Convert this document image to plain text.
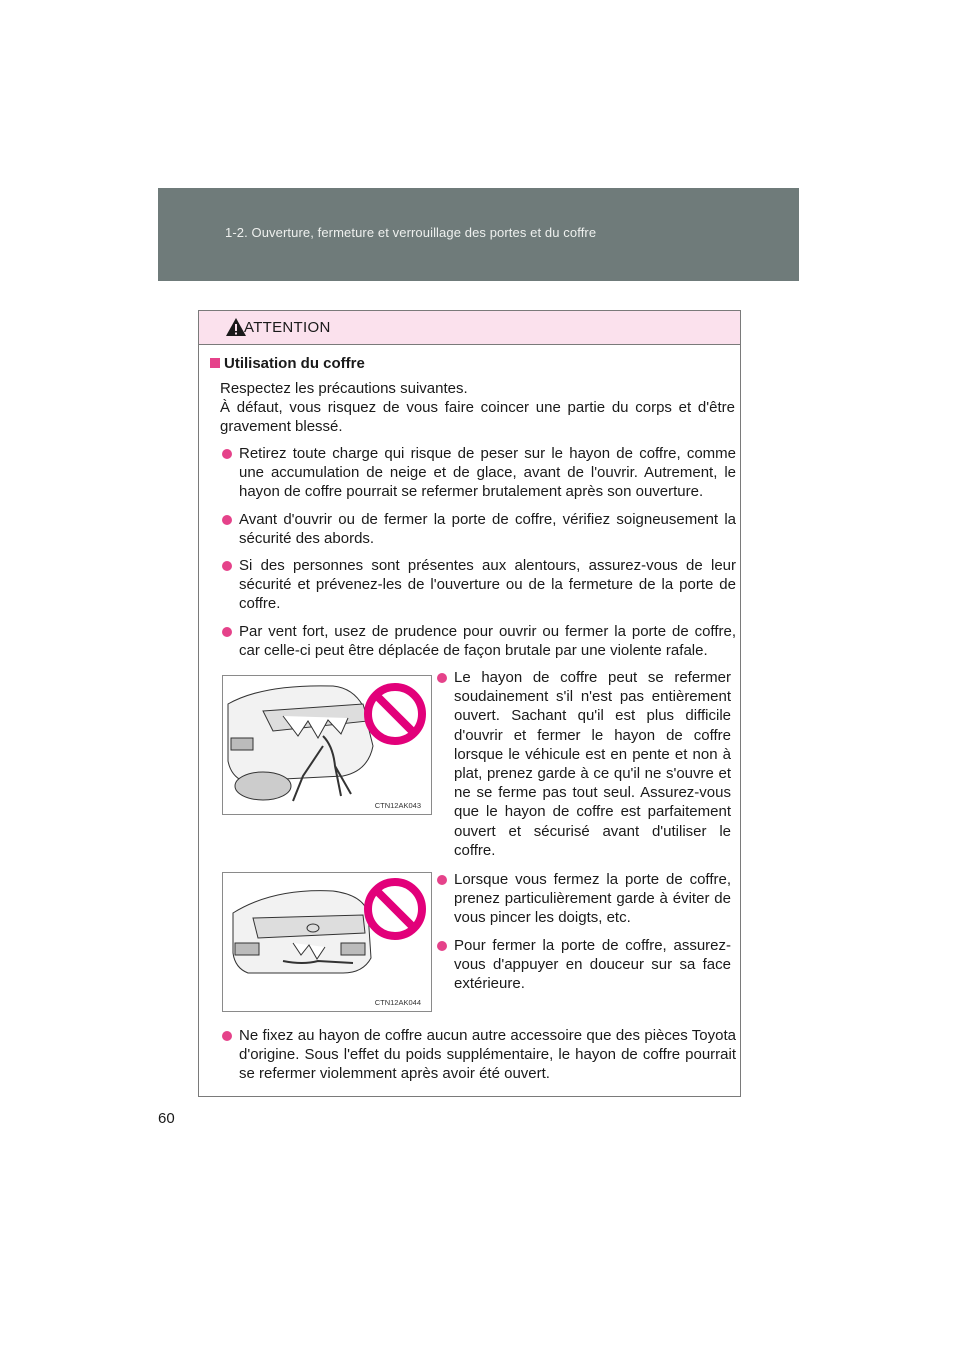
1-2. Ouverture, fermeture et verrouillage des portes et du coffre
ATTENTION
Utilisation du coffre
Respectez les précautions suivantes.
À défaut, vous risquez de vous faire coincer une partie du corps et d'être gravement blessé.
Retirez toute charge qui risque de peser sur le hayon de coffre, comme une accumulation de neige et de glace, avant de l'ouvrir. Autrement, le hayon de coffre pourrait se refermer brutalement après son ouverture.
Avant d'ouvrir ou de fermer la porte de coffre, vérifiez soigneusement la sécurité des abords.
Si des personnes sont présentes aux alentours, assurez-vous de leur sécurité et prévenez-les de l'ouverture ou de la fermeture de la porte de coffre.
Par vent fort, usez de prudence pour ouvrir ou fermer la porte de coffre, car celle-ci peut être déplacée de façon brutale par une violente rafale.
CTN12AK043
Le hayon de coffre peut se refermer soudainement s'il n'est pas entièrement ouvert. Sachant qu'il est plus difficile d'ouvrir et fermer le hayon de coffre lorsque le véhicule est en pente et non à plat, prenez garde à ce qu'il ne s'ouvre et ne se ferme pas tout seul. Assurez-vous que le hayon de coffre est parfaitement ouvert et sécurisé avant d'utiliser le coffre.
CTN12AK044
Lorsque vous fermez la porte de coffre, prenez particulièrement garde à éviter de vous pincer les doigts, etc.
Pour fermer la porte de coffre, assurez-vous d'appuyer en douceur sur sa face extérieure.
Ne fixez au hayon de coffre aucun autre accessoire que des pièces Toyota d'origine. Sous l'effet du poids supplémentaire, le hayon de coffre pourrait se refermer violemment après avoir été ouvert.
60
